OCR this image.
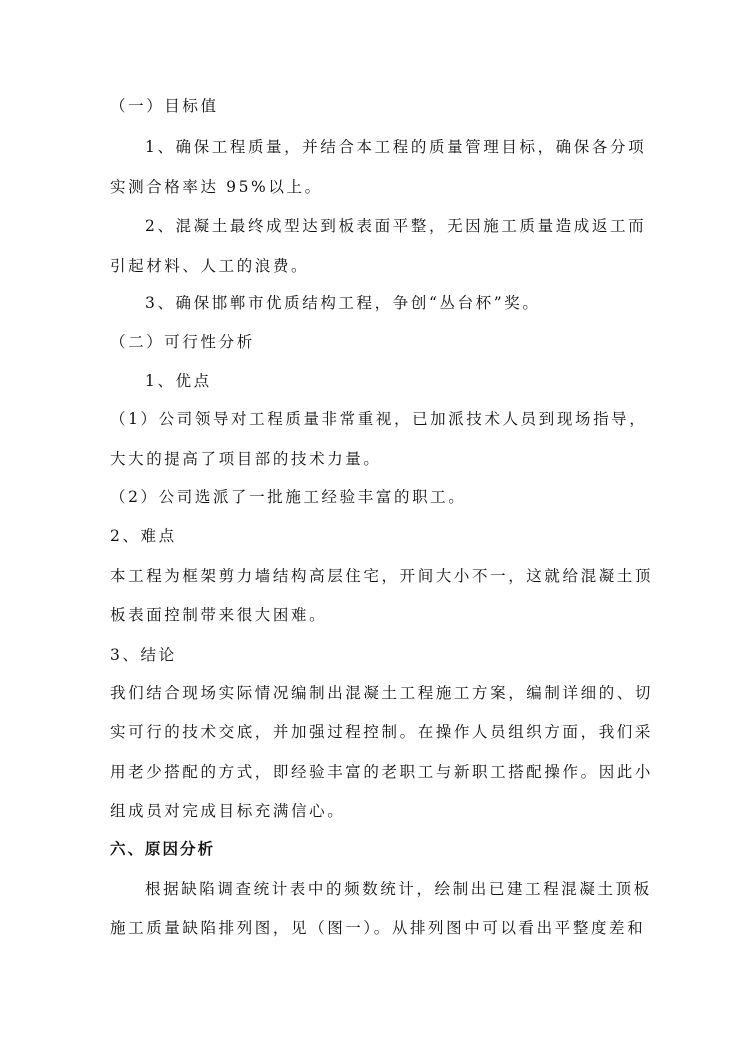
（一）目标值
1、确保工程质量，并结合本工程的质量管理目标，确保各分项
实测合格率达 95%以上。
2、混凝土最终成型达到板表面平整，无因施工质量造成返工而
引起材料、人工的浪费。
3、确保邯郸市优质结构工程，争创“丛台杯”奖。
（二）可行性分析
1、优点
（1）公司领导对工程质量非常重视，已加派技术人员到现场指导，
大大的提高了项目部的技术力量。
（2）公司选派了一批施工经验丰富的职工。
2、难点
本工程为框架剪力墙结构高层住宅，开间大小不一，这就给混凝土顶
板表面控制带来很大困难。
3、结论
我们结合现场实际情况编制出混凝土工程施工方案，编制详细的、切
实可行的技术交底，并加强过程控制。在操作人员组织方面，我们采
用老少搭配的方式，即经验丰富的老职工与新职工搭配操作。因此小
组成员对完成目标充满信心。
六、原因分析
根据缺陷调查统计表中的频数统计，绘制出已建工程混凝土顶板
施工质量缺陷排列图，见（图一）。从排列图中可以看出平整度差和
